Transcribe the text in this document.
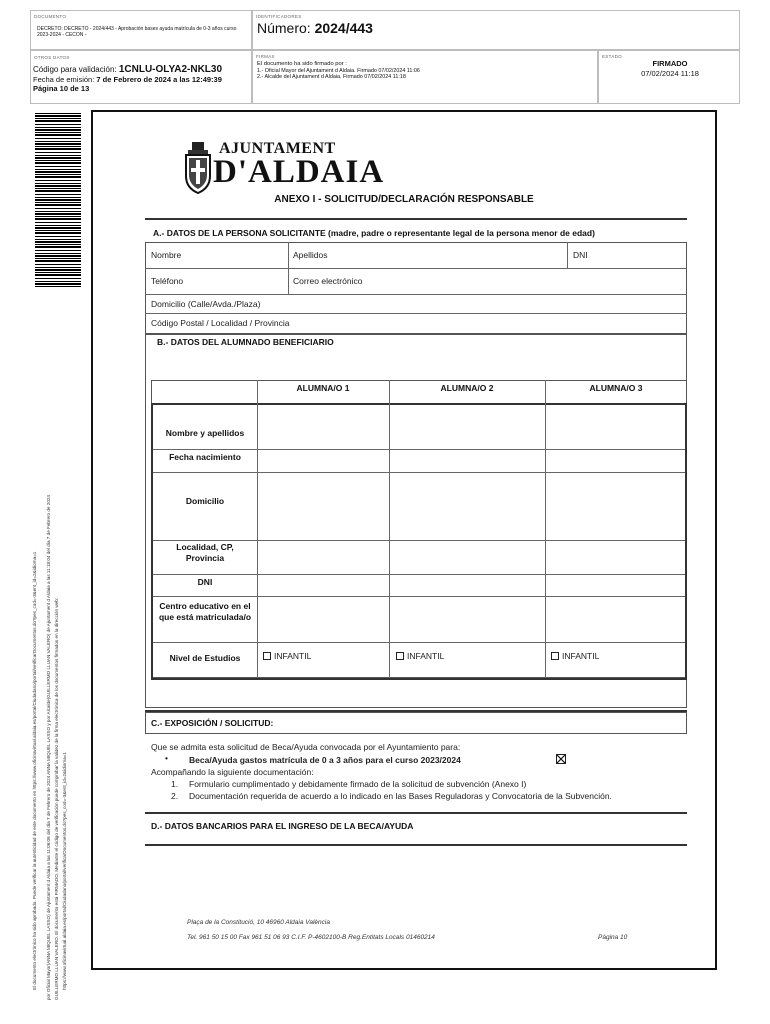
DOCUMENTO
DECRETO: DECRETO - 2024/443 - Aprobación bases ayuda matrícula de 0-3 años curso 2023-2024 - CECON -
IDENTIFICADORES
Número: 2024/443
OTROS DATOS
Código para validación: 1CNLU-OLYA2-NKL30
Fecha de emisión: 7 de Febrero de 2024 a las 12:49:39
Página 10 de 13
FIRMAS
El documento ha sido firmado por :
1.- Oficial Mayor del Ajuntament d Aldaia. Firmado 07/02/2024 11:06
2.- Alcalde del Ajuntament d Aldaia. Firmado 07/02/2024 11:18
ESTADO
FIRMADO
07/02/2024 11:18
El documento electrónico ha sido aprobado. Puede verificar la autenticidad de este documento en https://www.oficinavirtual.aldaia.es/portal/Ciudadano/portal/verificarDocumentos.do?pes_cod=-3&ent_id=2&idioma=1 por Oficial Mayor(ANNA MIQUEL LASSO) de Ajuntament d Aldaia a las 11:06:06 del día 7 de Febrero de 2024 ANNA MIQUEL LASSO y por Alcalde(GUILLERMO LLUAN VALERO) de Ajuntament d Aldaia a las 11:18:04 del día 7 de Febrero de 2024 GUILLERMO LLUAN VALERO. El documento está FIRMADO. Mediante el código de verificación puede comprobar la validez de la firma electrónica de los documentos firmados en la dirección web: https://www.oficinavirtual.aldaia.es/portal/Ciudadano/portal/verificarDocumentos.do?pes_cod=-3&ent_id=2&idioma=1
AJUNTAMENT
D'ALDAIA
ANEXO I - SOLICITUD/DECLARACIÓN RESPONSABLE
A.- DATOS DE LA PERSONA SOLICITANTE (madre, padre o representante legal de la persona menor de edad)
Nombre	Apellidos	DNI
Teléfono	Correo electrónico
Domicilio (Calle/Avda./Plaza)
Código Postal / Localidad / Provincia
B.- DATOS DEL ALUMNADO BENEFICIARIO
ALUMNA/O 1	ALUMNA/O 2	ALUMNA/O 3
Nombre y apellidos
Fecha nacimiento
Domicilio
Localidad, CP, Provincia
DNI
Centro educativo en el que está matriculada/o
Nivel de Estudios	INFANTIL	INFANTIL	INFANTIL
C.- EXPOSICIÓN / SOLICITUD:
Que se admita esta solicitud de Beca/Ayuda convocada por el Ayuntamiento para:
• Beca/Ayuda gastos matrícula de 0 a 3 años para el curso 2023/2024
Acompañando la siguiente documentación:
1. Formulario cumplimentado y debidamente firmado de la solicitud de subvención (Anexo I)
2. Documentación requerida de acuerdo a lo indicado en las Bases Reguladoras y Convocatoria de la Subvención.
D.- DATOS BANCARIOS PARA EL INGRESO DE LA BECA/AYUDA
Plaça de la Constitució, 10 46960 Aldaia València
Tel. 961 50 15 00 Fax 961 51 06 93 C.I.F. P-4602100-B Reg.Entitats Locals 01460214	Pàgina 10
